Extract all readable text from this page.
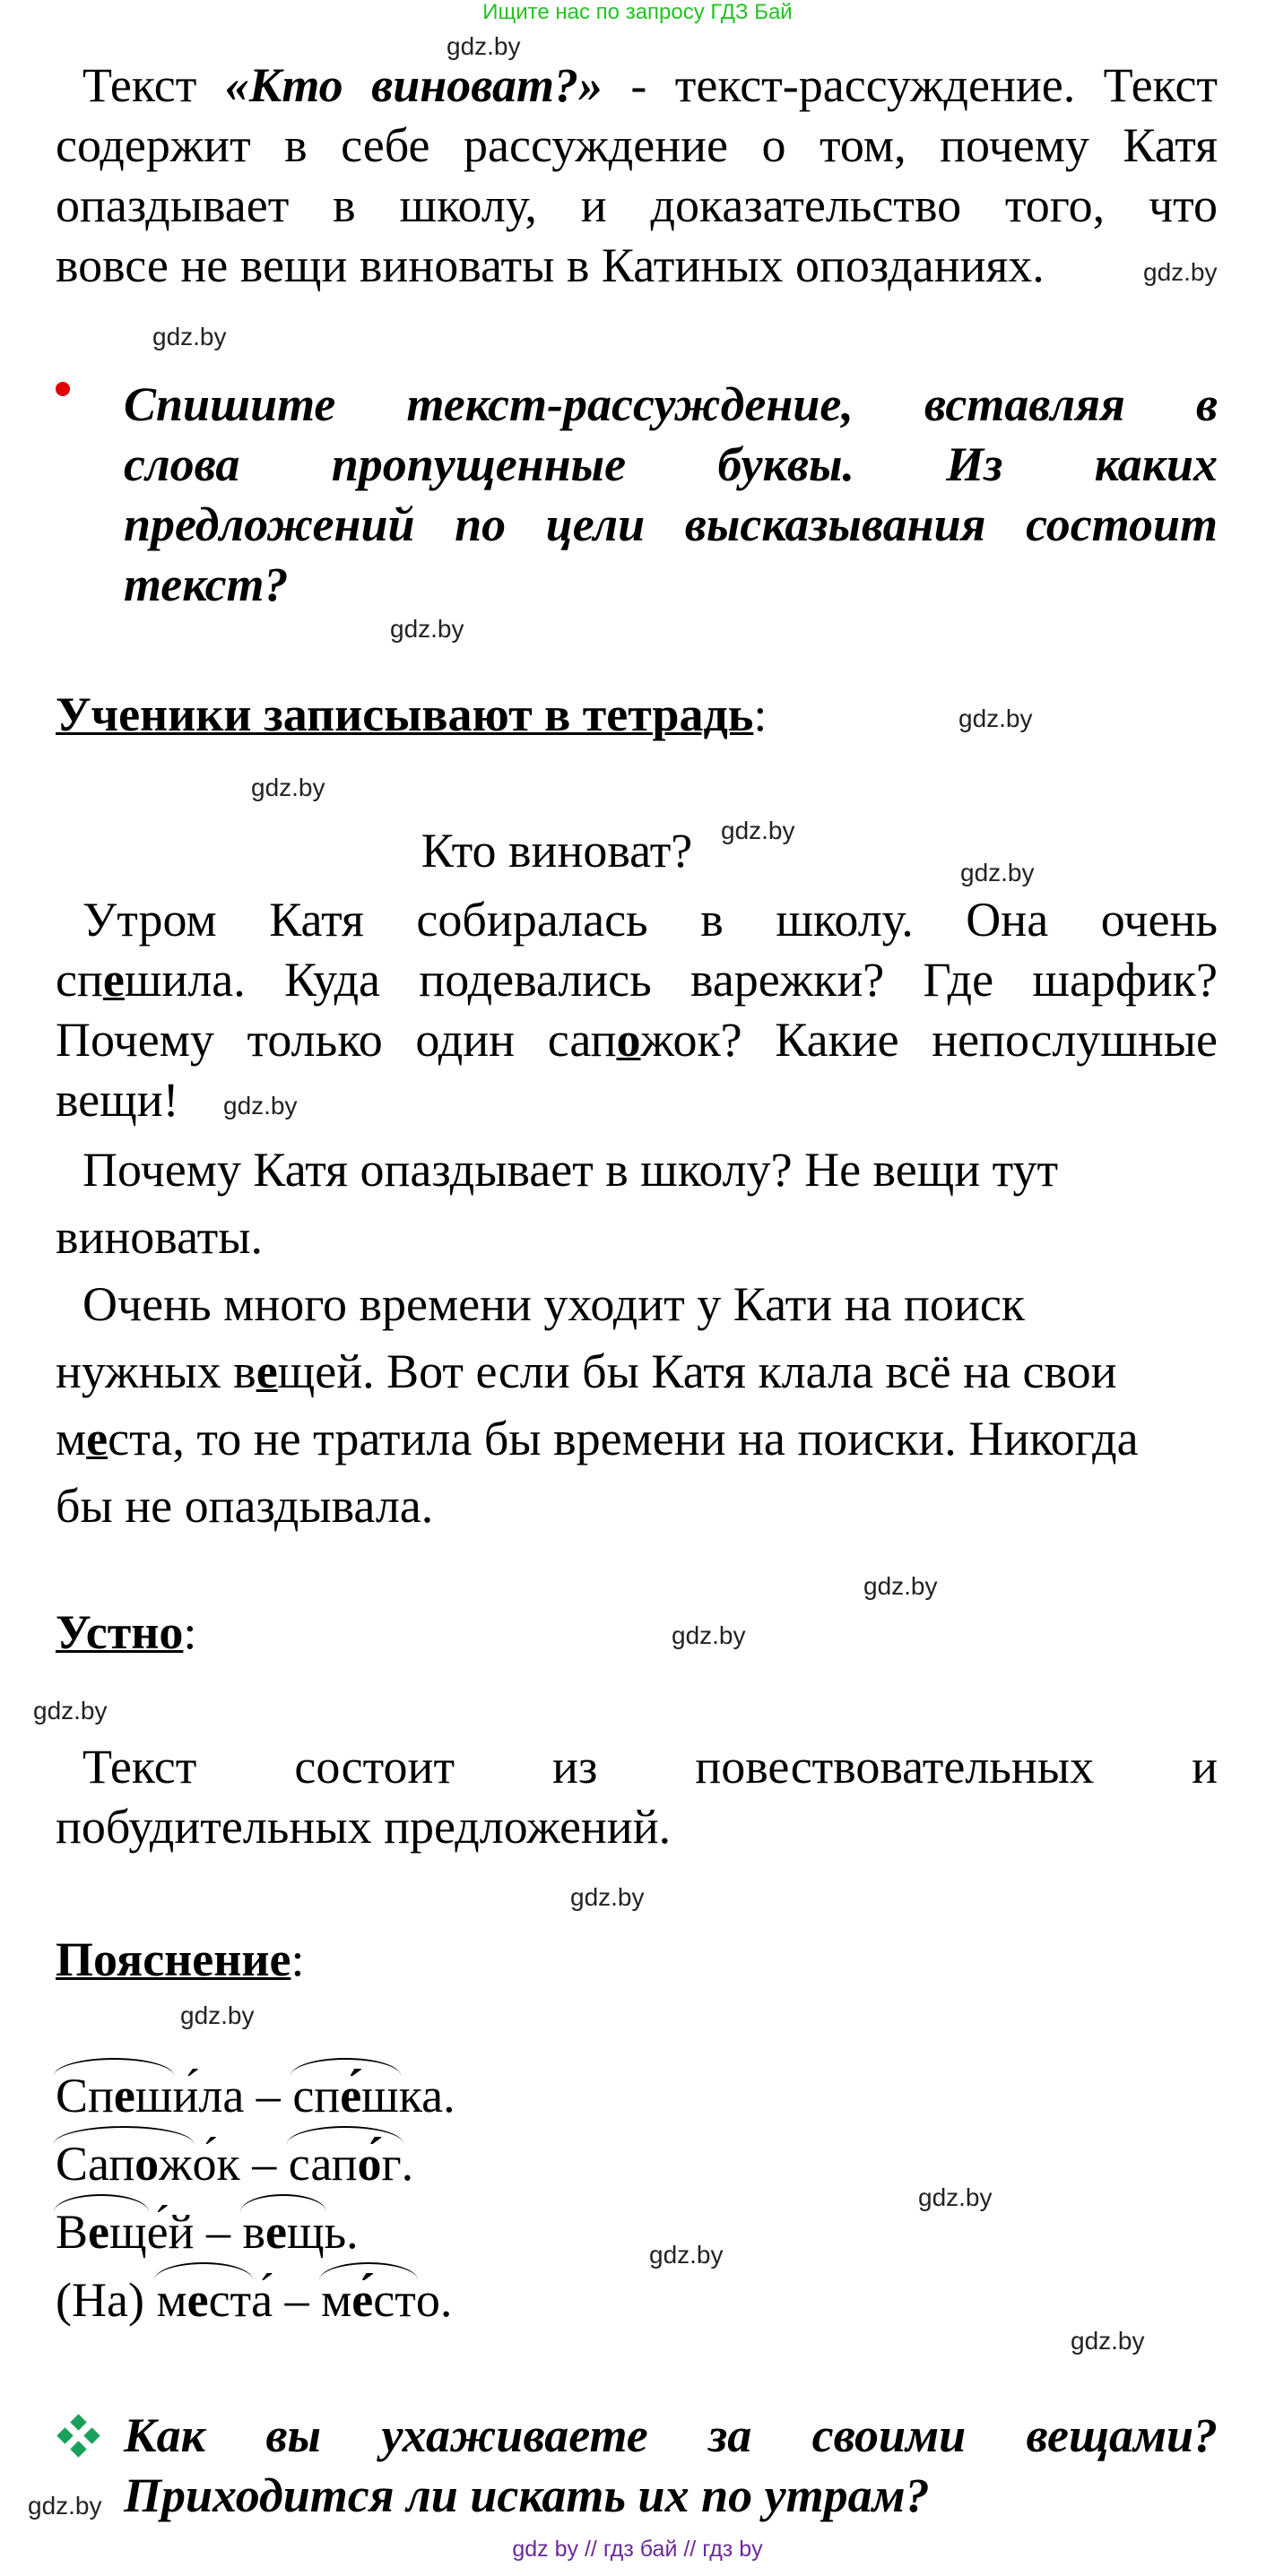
Ищите нас по запросу ГДЗ Бай
gdz.by
gdz.by
gdz.by
gdz.by
gdz.by
gdz.by
gdz.by
gdz.by
gdz.by
gdz.by
gdz.by
gdz.by
gdz.by
gdz.by
gdz.by
gdz.by
gdz.by
gdz.by
Текст «Кто виноват?» - текст-рассуждение. Текст
содержит в себе рассуждение о том, почему Катя
опаздывает в школу, и доказательство того, что
вовсе не вещи виноваты в Катиных опозданиях.
Спишите текст-рассуждение, вставляя в
слова пропущенные буквы. Из каких
предложений по цели высказывания состоит
текст?
Ученики записывают в тетрадь:
Кто виноват?
Утром Катя собиралась в школу. Она очень
спешила. Куда подевались варежки? Где шарфик?
Почему только один сапожок? Какие непослушные
вещи!
Почему Катя опаздывает в школу? Не вещи тут
виноваты.
Очень много времени уходит у Кати на поиск
нужных вещей. Вот если бы Катя клала всё на свои
места, то не тратила бы времени на поиски. Никогда
бы не опаздывала.
Устно:
Текст состоит из повествовательных и
побудительных предложений.
Пояснение:
Спеши́ла – спе́шка.
Сапожо́к – сапо́г.
Веще́й – вещь.
(На) места́ – ме́сто.
Как вы ухаживаете за своими вещами?
Приходится ли искать их по утрам?
gdz by // гдз бай // гдз by
